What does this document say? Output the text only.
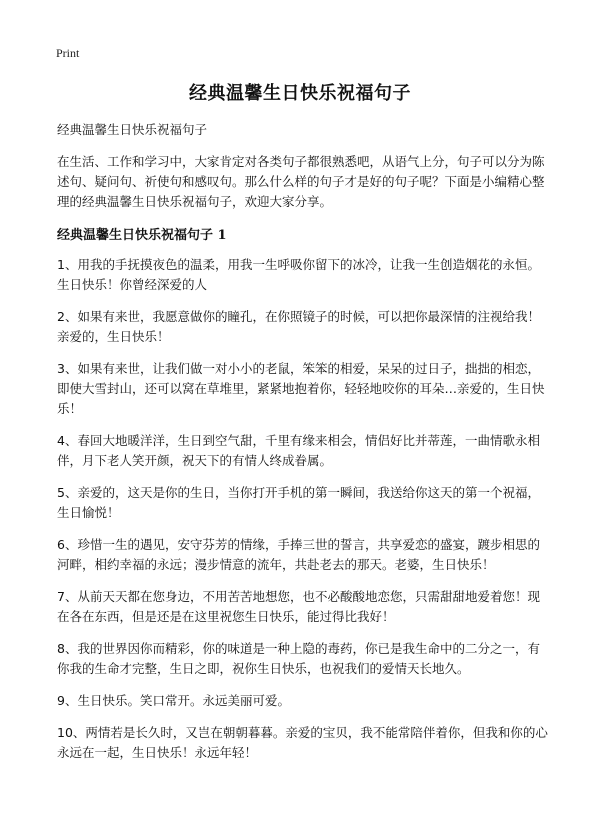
Print
经典温馨生日快乐祝福句子

经典温馨生日快乐祝福句子

在生活、工作和学习中，大家肯定对各类句子都很熟悉吧，从语气上分，句子可以分为陈述句、疑问句、祈使句和感叹句。那么什么样的句子才是好的句子呢？下面是小编精心整理的经典温馨生日快乐祝福句子，欢迎大家分享。

经典温馨生日快乐祝福句子 1
1、用我的手抚摸夜色的温柔，用我一生呼吸你留下的冰冷，让我一生创造烟花的永恒。生日快乐！你曾经深爱的人
2、如果有来世，我愿意做你的瞳孔，在你照镜子的时候，可以把你最深情的注视给我！亲爱的，生日快乐！
3、如果有来世，让我们做一对小小的老鼠，笨笨的相爱，呆呆的过日子，拙拙的相恋，即使大雪封山，还可以窝在草堆里，紧紧地抱着你，轻轻地咬你的耳朵…亲爱的，生日快乐！
4、春回大地暖洋洋，生日到空气甜，千里有缘来相会，情侣好比并蒂莲，一曲情歌永相伴，月下老人笑开颜，祝天下的有情人终成眷属。
5、亲爱的，这天是你的生日，当你打开手机的第一瞬间，我送给你这天的第一个祝福，生日愉悦！
6、珍惜一生的遇见，安守芬芳的情缘，手捧三世的誓言，共享爱恋的盛宴，踱步相思的河畔，相约幸福的永远；漫步情意的流年，共赴老去的那天。老婆，生日快乐！
7、从前天天都在您身边，不用苦苦地想您，也不必酸酸地恋您，只需甜甜地爱着您！现在各在东西，但是还是在这里祝您生日快乐，能过得比我好！
8、我的世界因你而精彩，你的味道是一种上隐的毒药，你已是我生命中的二分之一，有你我的生命才完整，生日之即，祝你生日快乐，也祝我们的爱情天长地久。
9、生日快乐。笑口常开。永远美丽可爱。
10、两情若是长久时，又岂在朝朝暮暮。亲爱的宝贝，我不能常陪伴着你，但我和你的心永远在一起，生日快乐！永远年轻！
